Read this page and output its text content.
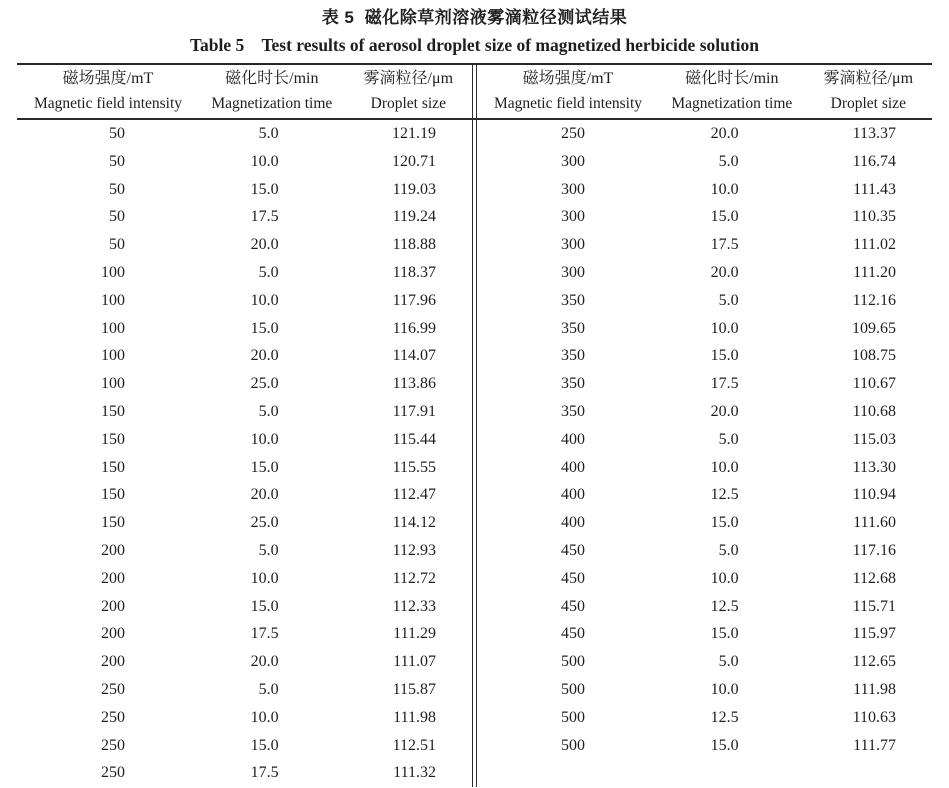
表 5  磁化除草剂溶液雾滴粒径测试结果
Table 5    Test results of aerosol droplet size of magnetized herbicide solution
磁场强度/mT	磁化时长/min	雾滴粒径/μm
Magnetic field intensity	Magnetization time	Droplet size
50	5.0	121.19
50	10.0	120.71
50	15.0	119.03
50	17.5	119.24
50	20.0	118.88
100	5.0	118.37
100	10.0	117.96
100	15.0	116.99
100	20.0	114.07
100	25.0	113.86
150	5.0	117.91
150	10.0	115.44
150	15.0	115.55
150	20.0	112.47
150	25.0	114.12
200	5.0	112.93
200	10.0	112.72
200	15.0	112.33
200	17.5	111.29
200	20.0	111.07
250	5.0	115.87
250	10.0	111.98
250	15.0	112.51
250	17.5	111.32
磁场强度/mT	磁化时长/min	雾滴粒径/μm
Magnetic field intensity	Magnetization time	Droplet size
250	20.0	113.37
300	5.0	116.74
300	10.0	111.43
300	15.0	110.35
300	17.5	111.02
300	20.0	111.20
350	5.0	112.16
350	10.0	109.65
350	15.0	108.75
350	17.5	110.67
350	20.0	110.68
400	5.0	115.03
400	10.0	113.30
400	12.5	110.94
400	15.0	111.60
450	5.0	117.16
450	10.0	112.68
450	12.5	115.71
450	15.0	115.97
500	5.0	112.65
500	10.0	111.98
500	12.5	110.63
500	15.0	111.77
